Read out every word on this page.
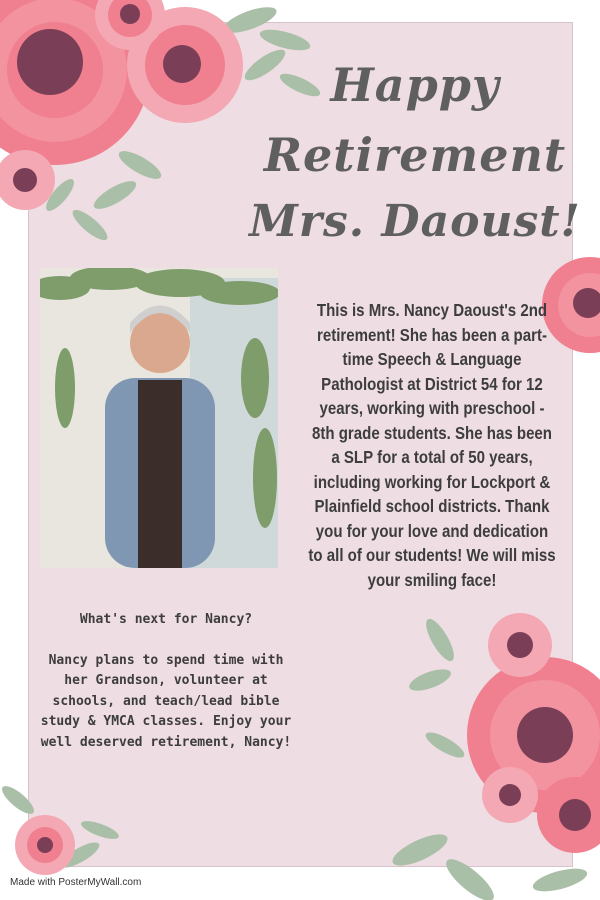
Happy
Retirement
Mrs. Daoust!
This is Mrs. Nancy Daoust's 2nd retirement! She has been a part-time Speech & Language Pathologist at District 54 for 12 years, working with preschool - 8th grade students. She has been a SLP for a total of 50 years, including working for Lockport & Plainfield school districts. Thank you for your love and dedication to all of our students! We will miss your smiling face!
What's next for Nancy?
Nancy plans to spend time with her Grandson, volunteer at schools, and teach/lead bible study & YMCA classes. Enjoy your well deserved retirement, Nancy!
Made with PosterMyWall.com
